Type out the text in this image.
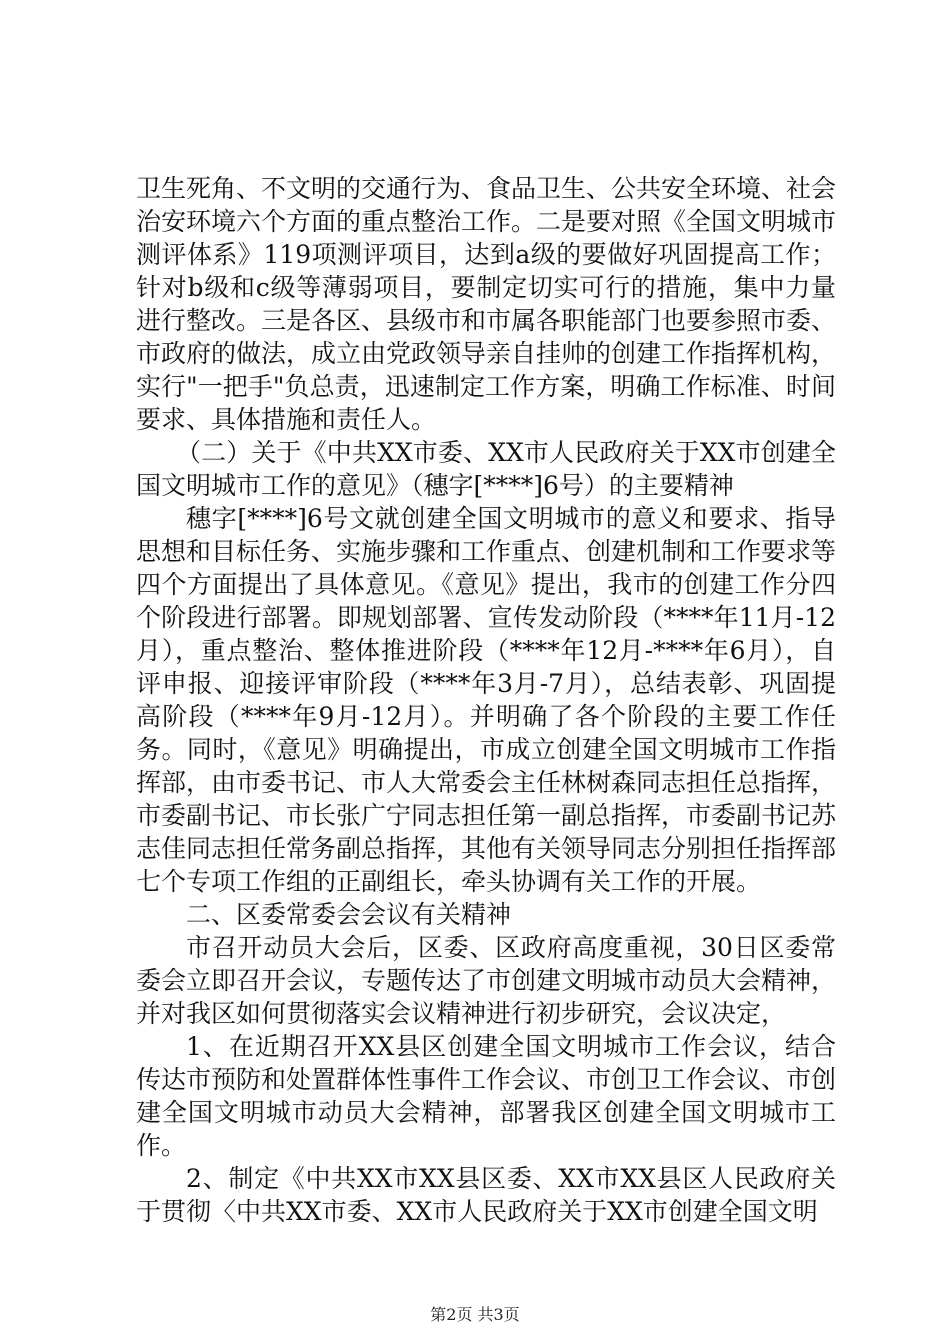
卫生死角、不文明的交通行为、食品卫生、公共安全环境、社会治安环境六个方面的重点整治工作。二是要对照《全国文明城市测评体系》119项测评项目，达到a级的要做好巩固提高工作；针对b级和c级等薄弱项目，要制定切实可行的措施，集中力量进行整改。三是各区、县级市和市属各职能部门也要参照市委、市政府的做法，成立由党政领导亲自挂帅的创建工作指挥机构，实行"一把手"负总责，迅速制定工作方案，明确工作标准、时间要求、具体措施和责任人。

（二）关于《中共XX市委、XX市人民政府关于XX市创建全国文明城市工作的意见》（穗字[****]6号）的主要精神

穗字[****]6号文就创建全国文明城市的意义和要求、指导思想和目标任务、实施步骤和工作重点、创建机制和工作要求等四个方面提出了具体意见。《意见》提出，我市的创建工作分四个阶段进行部署。即规划部署、宣传发动阶段（****年11月-12月），重点整治、整体推进阶段（****年12月-****年6月），自评申报、迎接评审阶段（****年3月-7月），总结表彰、巩固提高阶段（****年9月-12月）。并明确了各个阶段的主要工作任务。同时，《意见》明确提出，市成立创建全国文明城市工作指挥部，由市委书记、市人大常委会主任林树森同志担任总指挥，市委副书记、市长张广宁同志担任第一副总指挥，市委副书记苏志佳同志担任常务副总指挥，其他有关领导同志分别担任指挥部七个专项工作组的正副组长，牵头协调有关工作的开展。

二、区委常委会会议有关精神

市召开动员大会后，区委、区政府高度重视，30日区委常委会立即召开会议，专题传达了市创建文明城市动员大会精神，并对我区如何贯彻落实会议精神进行初步研究，会议决定，

1、在近期召开XX县区创建全国文明城市工作会议，结合传达市预防和处置群体性事件工作会议、市创卫工作会议、市创建全国文明城市动员大会精神，部署我区创建全国文明城市工作。

2、制定《中共XX市XX县区委、XX市XX县区人民政府关于贯彻〈中共XX市委、XX市人民政府关于XX市创建全国文明

第2页 共3页
